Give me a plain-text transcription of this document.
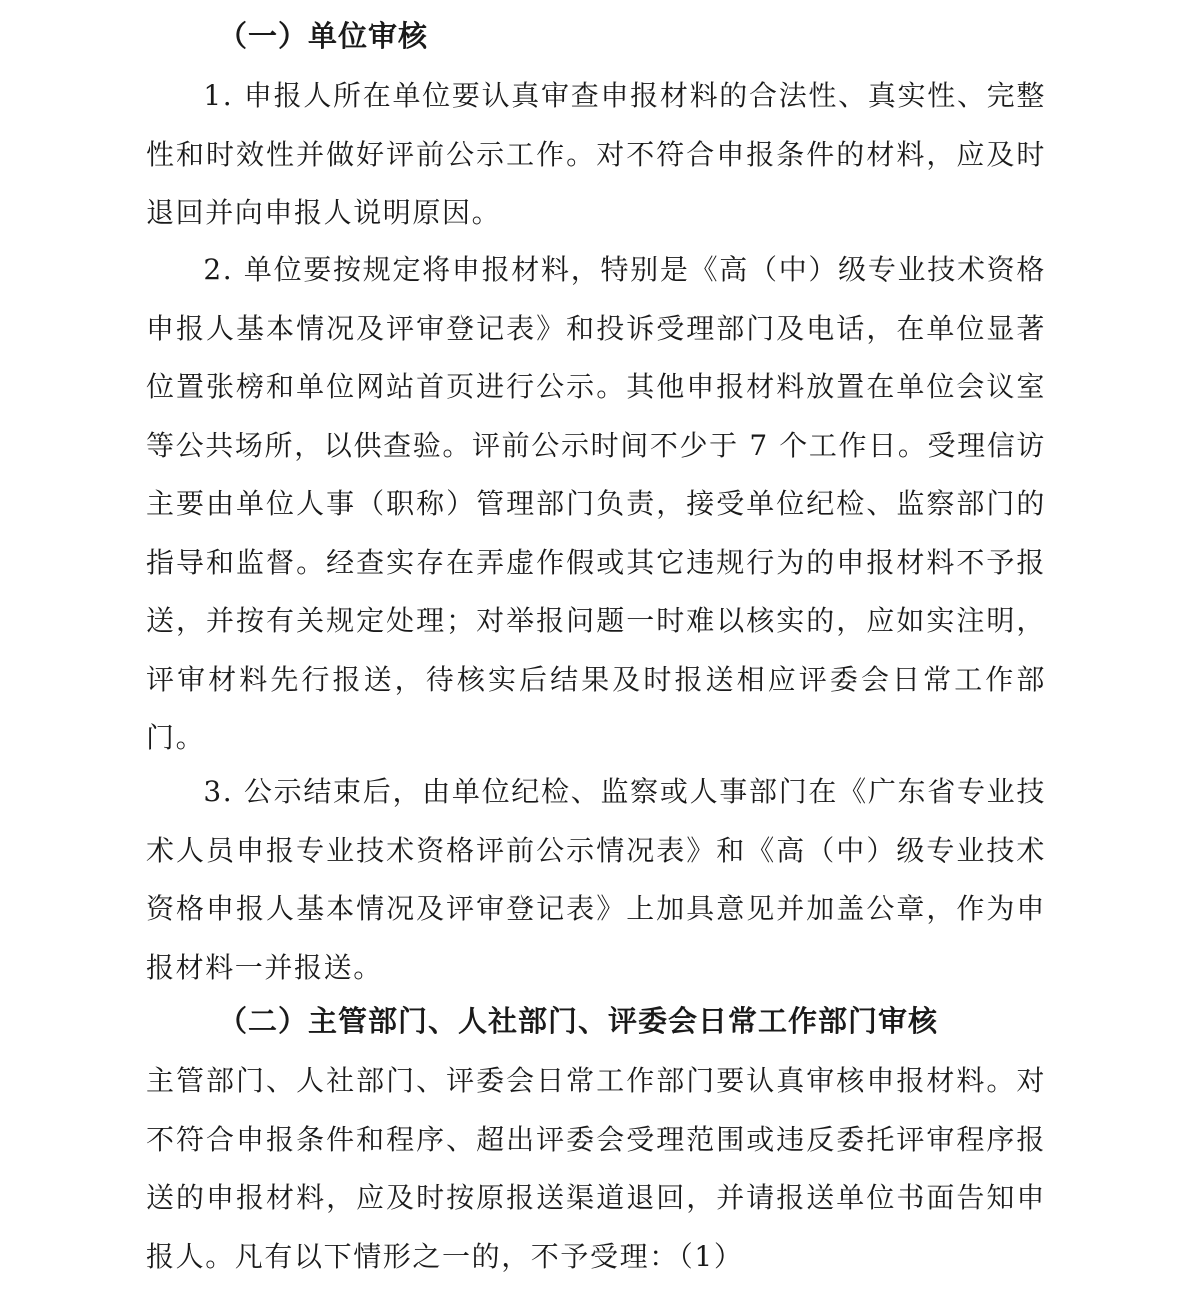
（一）单位审核

1. 申报人所在单位要认真审查申报材料的合法性、真实性、完整性和时效性并做好评前公示工作。对不符合申报条件的材料，应及时退回并向申报人说明原因。

2. 单位要按规定将申报材料，特别是《高（中）级专业技术资格申报人基本情况及评审登记表》和投诉受理部门及电话，在单位显著位置张榜和单位网站首页进行公示。其他申报材料放置在单位会议室等公共场所，以供查验。评前公示时间不少于 7 个工作日。受理信访主要由单位人事（职称）管理部门负责，接受单位纪检、监察部门的指导和监督。经查实存在弄虚作假或其它违规行为的申报材料不予报送，并按有关规定处理；对举报问题一时难以核实的，应如实注明，评审材料先行报送，待核实后结果及时报送相应评委会日常工作部门。

3. 公示结束后，由单位纪检、监察或人事部门在《广东省专业技术人员申报专业技术资格评前公示情况表》和《高（中）级专业技术资格申报人基本情况及评审登记表》上加具意见并加盖公章，作为申报材料一并报送。

（二）主管部门、人社部门、评委会日常工作部门审核

主管部门、人社部门、评委会日常工作部门要认真审核申报材料。对不符合申报条件和程序、超出评委会受理范围或违反委托评审程序报送的申报材料，应及时按原报送渠道退回，并请报送单位书面告知申报人。凡有以下情形之一的，不予受理：（1）
